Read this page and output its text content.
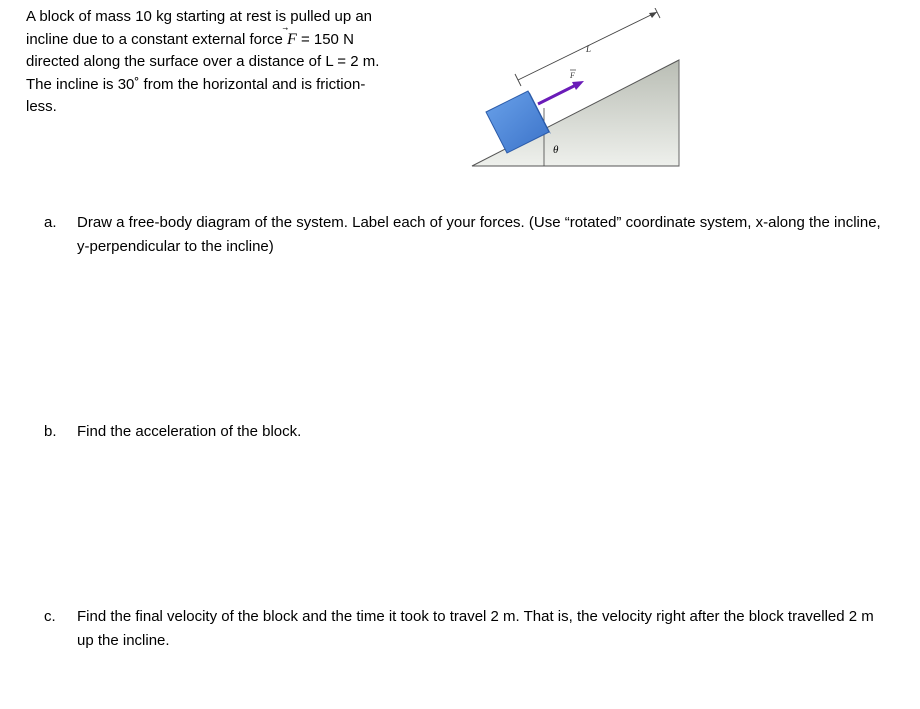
A block of mass 10 kg starting at rest is pulled up an
incline due to a constant external force F
= 150 N
directed along the surface over a distance of L = 2 m.
The incline is 30˚ from the horizontal and is friction-
less.
θ
L
F
a. Draw a free-body diagram of the system. Label each of your forces. (Use “rotated” coordinate system, x-along the incline, y-perpendicular to the incline)
b. Find the acceleration of the block.
c. Find the final velocity of the block and the time it took to travel 2 m. That is, the velocity right after the block travelled 2 m up the incline.
